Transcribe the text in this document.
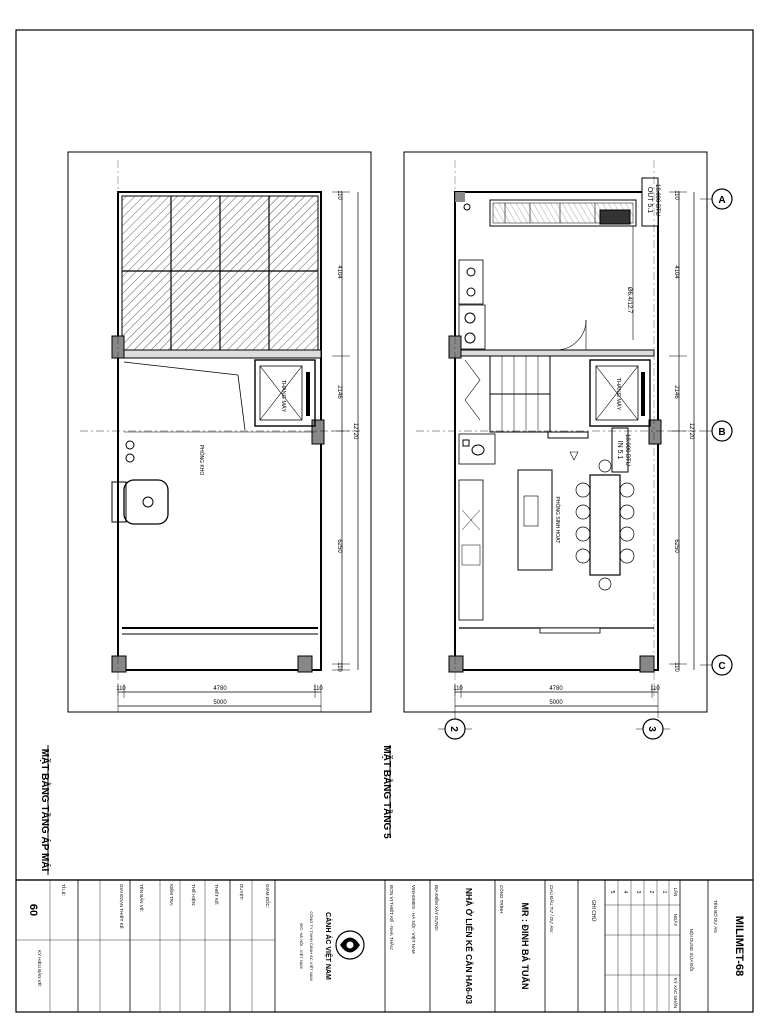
THANG MÁY
PHÒNG KHO
110
4104
2146
6250
110
12720
110	4780	110
5000
THANG MÁY
OUT 5.1 18.000 BTU
Ø6.4/12.7
IN 5.1 18.000 BTU
PHÒNG SINH HOẠT
110
4104
2146
6250
110
12720
A
B
C
110	4780	110
5000
2	3
MẶT BẰNG TẦNG ÁP MÁI	MẶT BẰNG TẦNG 5
MILIMET-68
TÊN BỘ DỰ ÁN
LẦN
NGÀY
NỘI DUNG SỬA ĐỔI
KÝ XÁC NHẬN
1
2
3
4
5
GHI CHÚ:
CHỦ ĐẦU TƯ / DỰ ÁN:
MR : ĐINH BÁ TUẤN
CÔNG TRÌNH:
NHÀ Ở LIÊN KẾ CĂN HA6-03
ĐỊA ĐIỂM XÂY DỰNG:
VINHOMES - HÀ NỘI - VIỆT NAM
ĐƠN VỊ THIẾT KẾ - NHÀ THẦU:
CẢNH ÁC VIỆT NAM
CÔNG TY TNHH CẢNH ÁC VIỆT NAM
Đ/C: HÀ NỘI - VIỆT NAM
GIÁM ĐỐC:
DUYỆT:
THIẾT KẾ:
THỂ HIỆN:
KIỂM TRA:
TÊN BẢN VẼ:
GIAI ĐOẠN THIẾT KẾ
TỈ LỆ:
KÝ HIỆU BẢN VẼ:
60
